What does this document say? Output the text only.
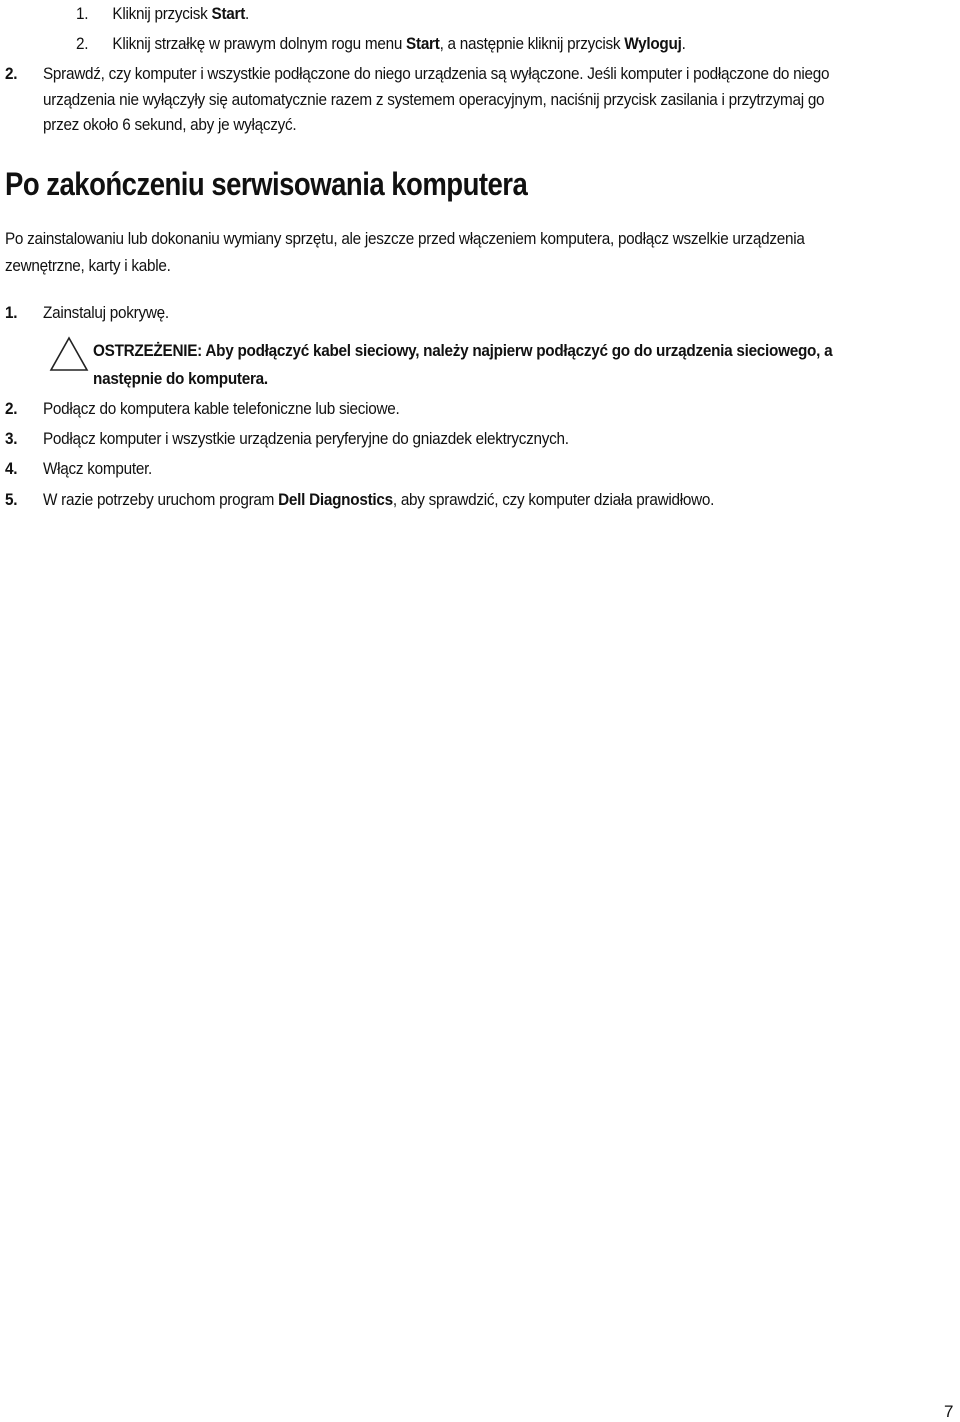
1. Kliknij przycisk Start.
2. Kliknij strzałkę w prawym dolnym rogu menu Start, a następnie kliknij przycisk Wyloguj.
2. Sprawdź, czy komputer i wszystkie podłączone do niego urządzenia są wyłączone. Jeśli komputer i podłączone do niego
urządzenia nie wyłączyły się automatycznie razem z systemem operacyjnym, naciśnij przycisk zasilania i przytrzymaj go
przez około 6 sekund, aby je wyłączyć.
Po zakończeniu serwisowania komputera
Po zainstalowaniu lub dokonaniu wymiany sprzętu, ale jeszcze przed włączeniem komputera, podłącz wszelkie urządzenia
zewnętrzne, karty i kable.
1. Zainstaluj pokrywę.
OSTRZEŻENIE: Aby podłączyć kabel sieciowy, należy najpierw podłączyć go do urządzenia sieciowego, a
następnie do komputera.
2. Podłącz do komputera kable telefoniczne lub sieciowe.
3. Podłącz komputer i wszystkie urządzenia peryferyjne do gniazdek elektrycznych.
4. Włącz komputer.
5. W razie potrzeby uruchom program Dell Diagnostics, aby sprawdzić, czy komputer działa prawidłowo.
7
